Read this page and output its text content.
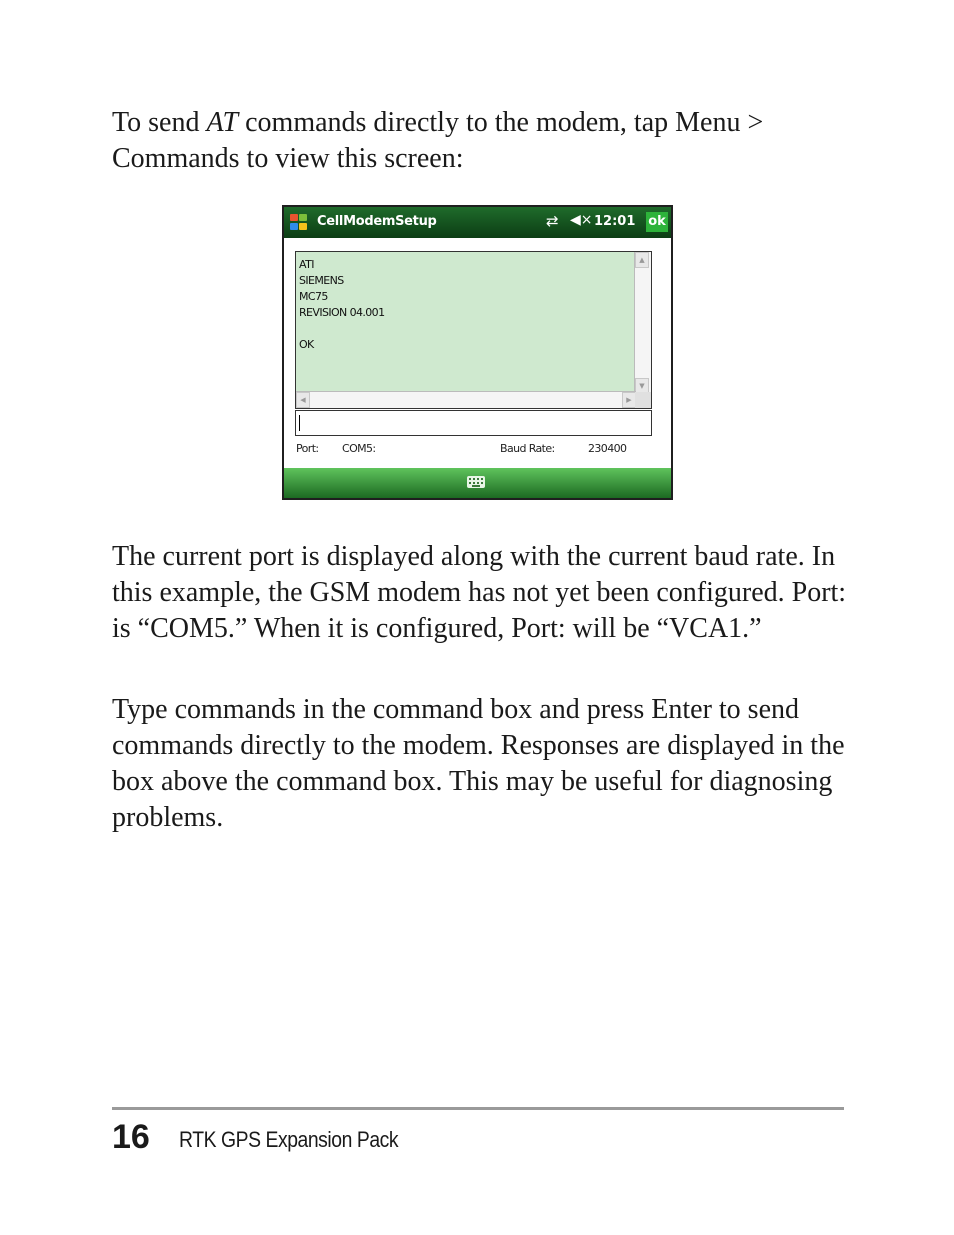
To send AT commands directly to the modem, tap Menu > Commands to view this screen:

CellModemSetup	⇄ ◀× 12:01 ok
ATI
SIEMENS
MC75
REVISION 04.001
OK
▲
▼
◀	▶
Port: COM5:	Baud Rate:	230400

The current port is displayed along with the current baud rate. In this example, the GSM modem has not yet been configured. Port: is “COM5.” When it is configured, Port: will be “VCA1.”

Type commands in the command box and press Enter to send commands directly to the modem. Responses are displayed in the box above the command box. This may be useful for diagnosing problems.

16 RTK GPS Expansion Pack
